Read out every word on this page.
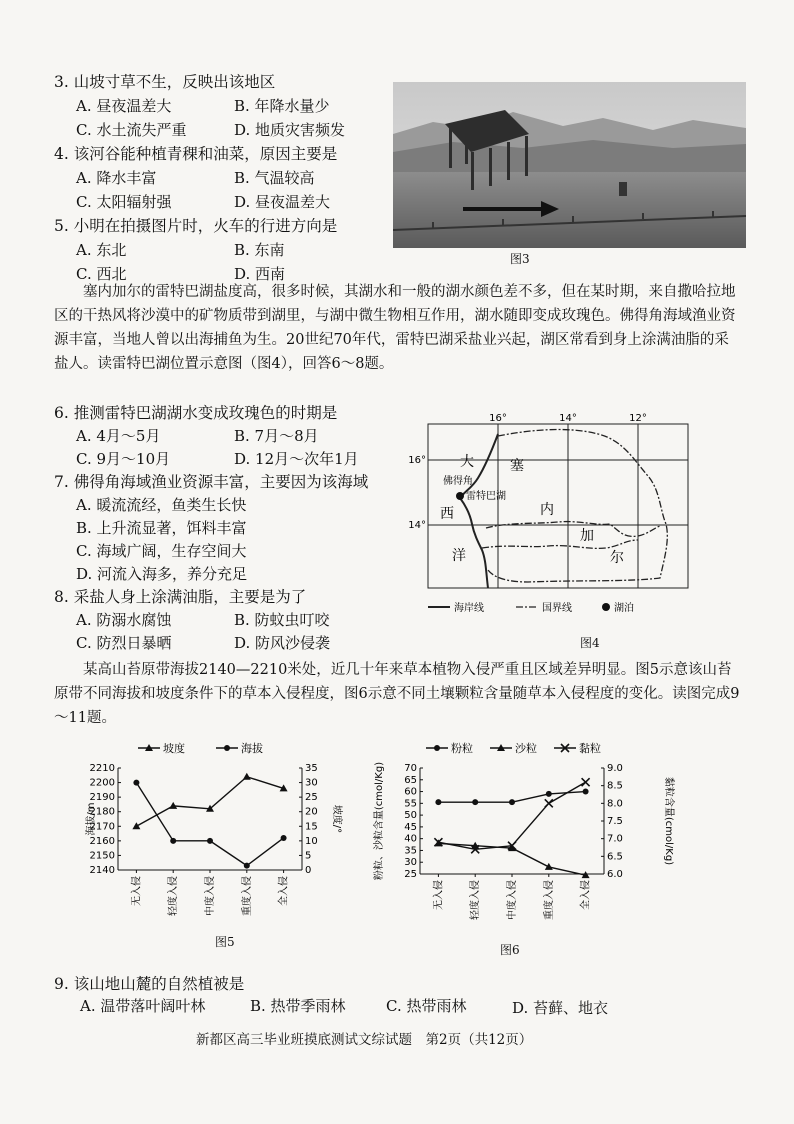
3. 山坡寸草不生，反映出该地区
A. 昼夜温差大	B. 年降水量少
C. 水土流失严重	D. 地质灾害频发
4. 该河谷能种植青稞和油菜，原因主要是
A. 降水丰富	B. 气温较高
C. 太阳辐射强	D. 昼夜温差大
5. 小明在拍摄图片时，火车的行进方向是
A. 东北	B. 东南
C. 西北	D. 西南
图3
塞内加尔的雷特巴湖盐度高，很多时候，其湖水和一般的湖水颜色差不多，但在某时期，来自撒哈拉地区的干热风将沙漠中的矿物质带到湖里，与湖中微生物相互作用，湖水随即变成玫瑰色。佛得角海域渔业资源丰富，当地人曾以出海捕鱼为生。20世纪70年代，雷特巴湖采盐业兴起，湖区常看到身上涂满油脂的采盐人。读雷特巴湖位置示意图（图4），回答6～8题。
6. 推测雷特巴湖湖水变成玫瑰色的时期是
A. 4月～5月	B. 7月～8月
C. 9月～10月	D. 12月～次年1月
7. 佛得角海域渔业资源丰富，主要因为该海域
A. 暖流流经，鱼类生长快
B. 上升流显著，饵料丰富
C. 海域广阔，生存空间大
D. 河流入海多，养分充足
8. 采盐人身上涂满油脂，主要是为了
A. 防溺水腐蚀	B. 防蚊虫叮咬
C. 防烈日暴晒	D. 防风沙侵袭
16°	14°	12°
16°
14°
佛得角
雷特巴湖
大
西
洋
塞
内
加
尔
海岸线	国界线	湖泊
图4
某高山苔原带海拔2140—2210米处，近几十年来草本植物入侵严重且区域差异明显。图5示意该山苔原带不同海拔和坡度条件下的草本入侵程度，图6示意不同土壤颗粒含量随草本入侵程度的变化。读图完成9～11题。
2140
2150
2160
2170
2180
2190
2200
2210
0
5
10
15
20
25
30
35
无入侵	轻度入侵	中度入侵	重度入侵	全入侵
海拔/m	坡度/°
坡度	海拔
图5
25
30
35
40
45
50
55
60
65
70
6.0
6.5
7.0
7.5
8.0
8.5
9.0
无入侵	轻度入侵	中度入侵	重度入侵	全入侵
粉粒、沙粒含量(cmol/Kg)	黏粒含量(cmol/Kg)
粉粒	沙粒	黏粒
图6
9. 该山地山麓的自然植被是
A. 温带落叶阔叶林	B. 热带季雨林	C. 热带雨林	D. 苔藓、地衣
新都区高三毕业班摸底测试文综试题　第2页（共12页）
